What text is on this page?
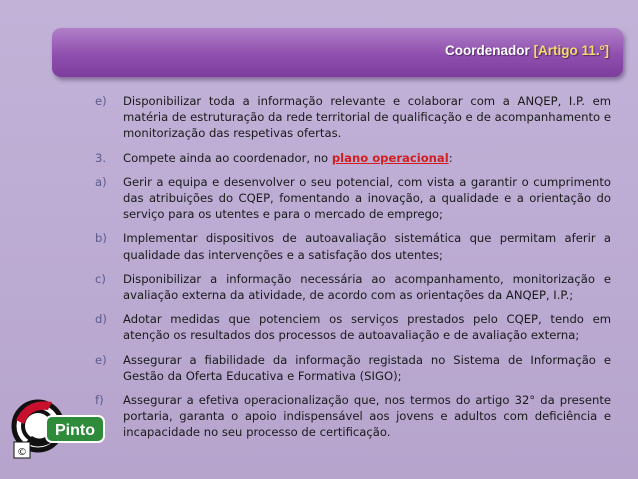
Coordenador [Artigo 11.º]
e) Disponibilizar toda a informação relevante e colaborar com a ANQEP, I.P. em matéria de estruturação da rede territorial de qualificação e de acompanhamento e monitorização das respetivas ofertas.
3. Compete ainda ao coordenador, no plano operacional:
a) Gerir a equipa e desenvolver o seu potencial, com vista a garantir o cumprimento das atribuições do CQEP, fomentando a inovação, a qualidade e a orientação do serviço para os utentes e para o mercado de emprego;
b) Implementar dispositivos de autoavaliação sistemática que permitam aferir a qualidade das intervenções e a satisfação dos utentes;
c) Disponibilizar a informação necessária ao acompanhamento, monitorização e avaliação externa da atividade, de acordo com as orientações da ANQEP, I.P.;
d) Adotar medidas que potenciem os serviços prestados pelo CQEP, tendo em atenção os resultados dos processos de autoavaliação e de avaliação externa;
e) Assegurar a fiabilidade da informação registada no Sistema de Informação e Gestão da Oferta Educativa e Formativa (SIGO);
f) Assegurar a efetiva operacionalização que, nos termos do artigo 32° da presente portaria, garanta o apoio indispensável aos jovens e adultos com deficiência e incapacidade no seu processo de certificação.
Pinto
©
